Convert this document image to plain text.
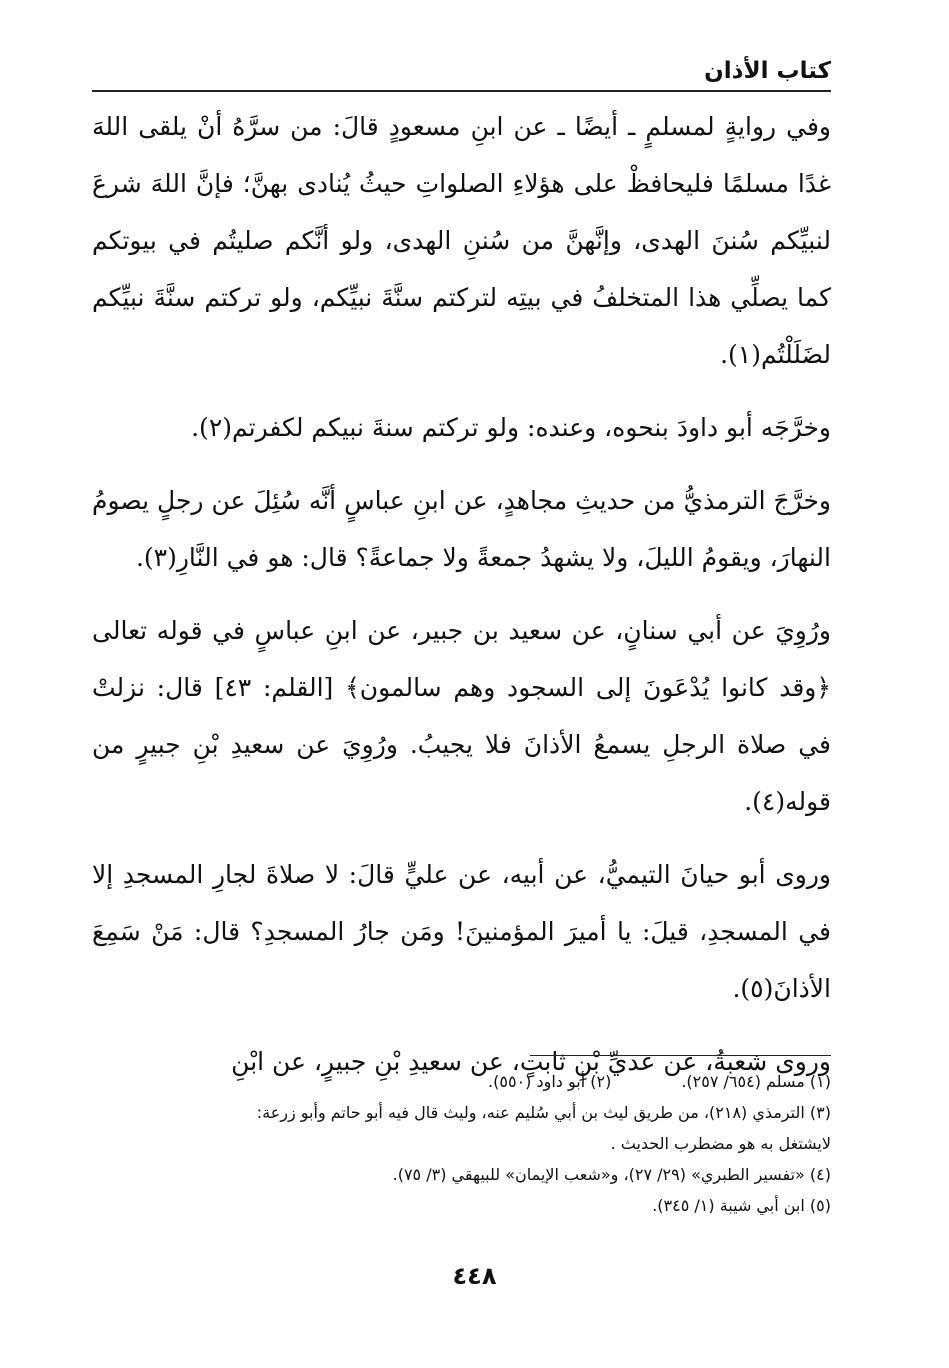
كتاب الأذان

وفي روايةٍ لمسلمٍ ـ أيضًا ـ عن ابنِ مسعودٍ قالَ: من سرَّهُ أنْ يلقى اللهَ غدًا مسلمًا فليحافظْ على هؤلاءِ الصلواتِ حيثُ يُنادى بهنَّ؛ فإنَّ اللهَ شرعَ لنبيِّكم سُننَ الهدى، وإنَّهنَّ من سُننِ الهدى، ولو أنَّكم صليتُم في بيوتكم كما يصلِّي هذا المتخلفُ في بيتِه لتركتم سنَّةَ نبيِّكم، ولو تركتم سنَّةَ نبيِّكم لضَلَلْتُم(١).

وخرَّجَه أبو داودَ بنحوه، وعنده: ولو تركتم سنةَ نبيكم لكفرتم(٢).

وخرَّجَ الترمذيُّ من حديثِ مجاهدٍ، عن ابنِ عباسٍ أنَّه سُئِلَ عن رجلٍ يصومُ النهارَ، ويقومُ الليلَ، ولا يشهدُ جمعةً ولا جماعةً؟ قال: هو في النَّارِ(٣).

ورُوِيَ عن أبي سنانٍ، عن سعيد بن جبير، عن ابنِ عباسٍ في قوله تعالى ﴿وقد كانوا يُدْعَونَ إلى السجود وهم سالمون﴾ [القلم: ٤٣] قال: نزلتْ في صلاة الرجلِ يسمعُ الأذانَ فلا يجيبُ. ورُوِيَ عن سعيدِ بْنِ جبيرٍ من قوله(٤).

وروى أبو حيانَ التيميُّ، عن أبيه، عن عليٍّ قالَ: لا صلاةَ لجارِ المسجدِ إلا في المسجدِ، قيلَ: يا أميرَ المؤمنينَ! ومَن جارُ المسجدِ؟ قال: مَنْ سَمِعَ الأذانَ(٥).

وروى شعبةُ، عن عديِّ بْنِ ثابتٍ، عن سعيدِ بْنِ جبيرٍ، عن ابْنِ

(١) مسلم (٦٥٤/ ٢٥٧).
(٢) أبو داود (٥٥٠).

(٣) الترمذي (٢١٨)، من طريق ليث بن أبي سُليم عنه، وليث قال فيه أبو حاتم وأبو زرعة:

لايشتغل به هو مضطرب الحديث .

(٤) «تفسير الطبري» (٢٩/ ٢٧)، و«شعب الإيمان» للبيهقي (٣/ ٧٥).

(٥) ابن أبي شيبة (١/ ٣٤٥).

٤٤٨
